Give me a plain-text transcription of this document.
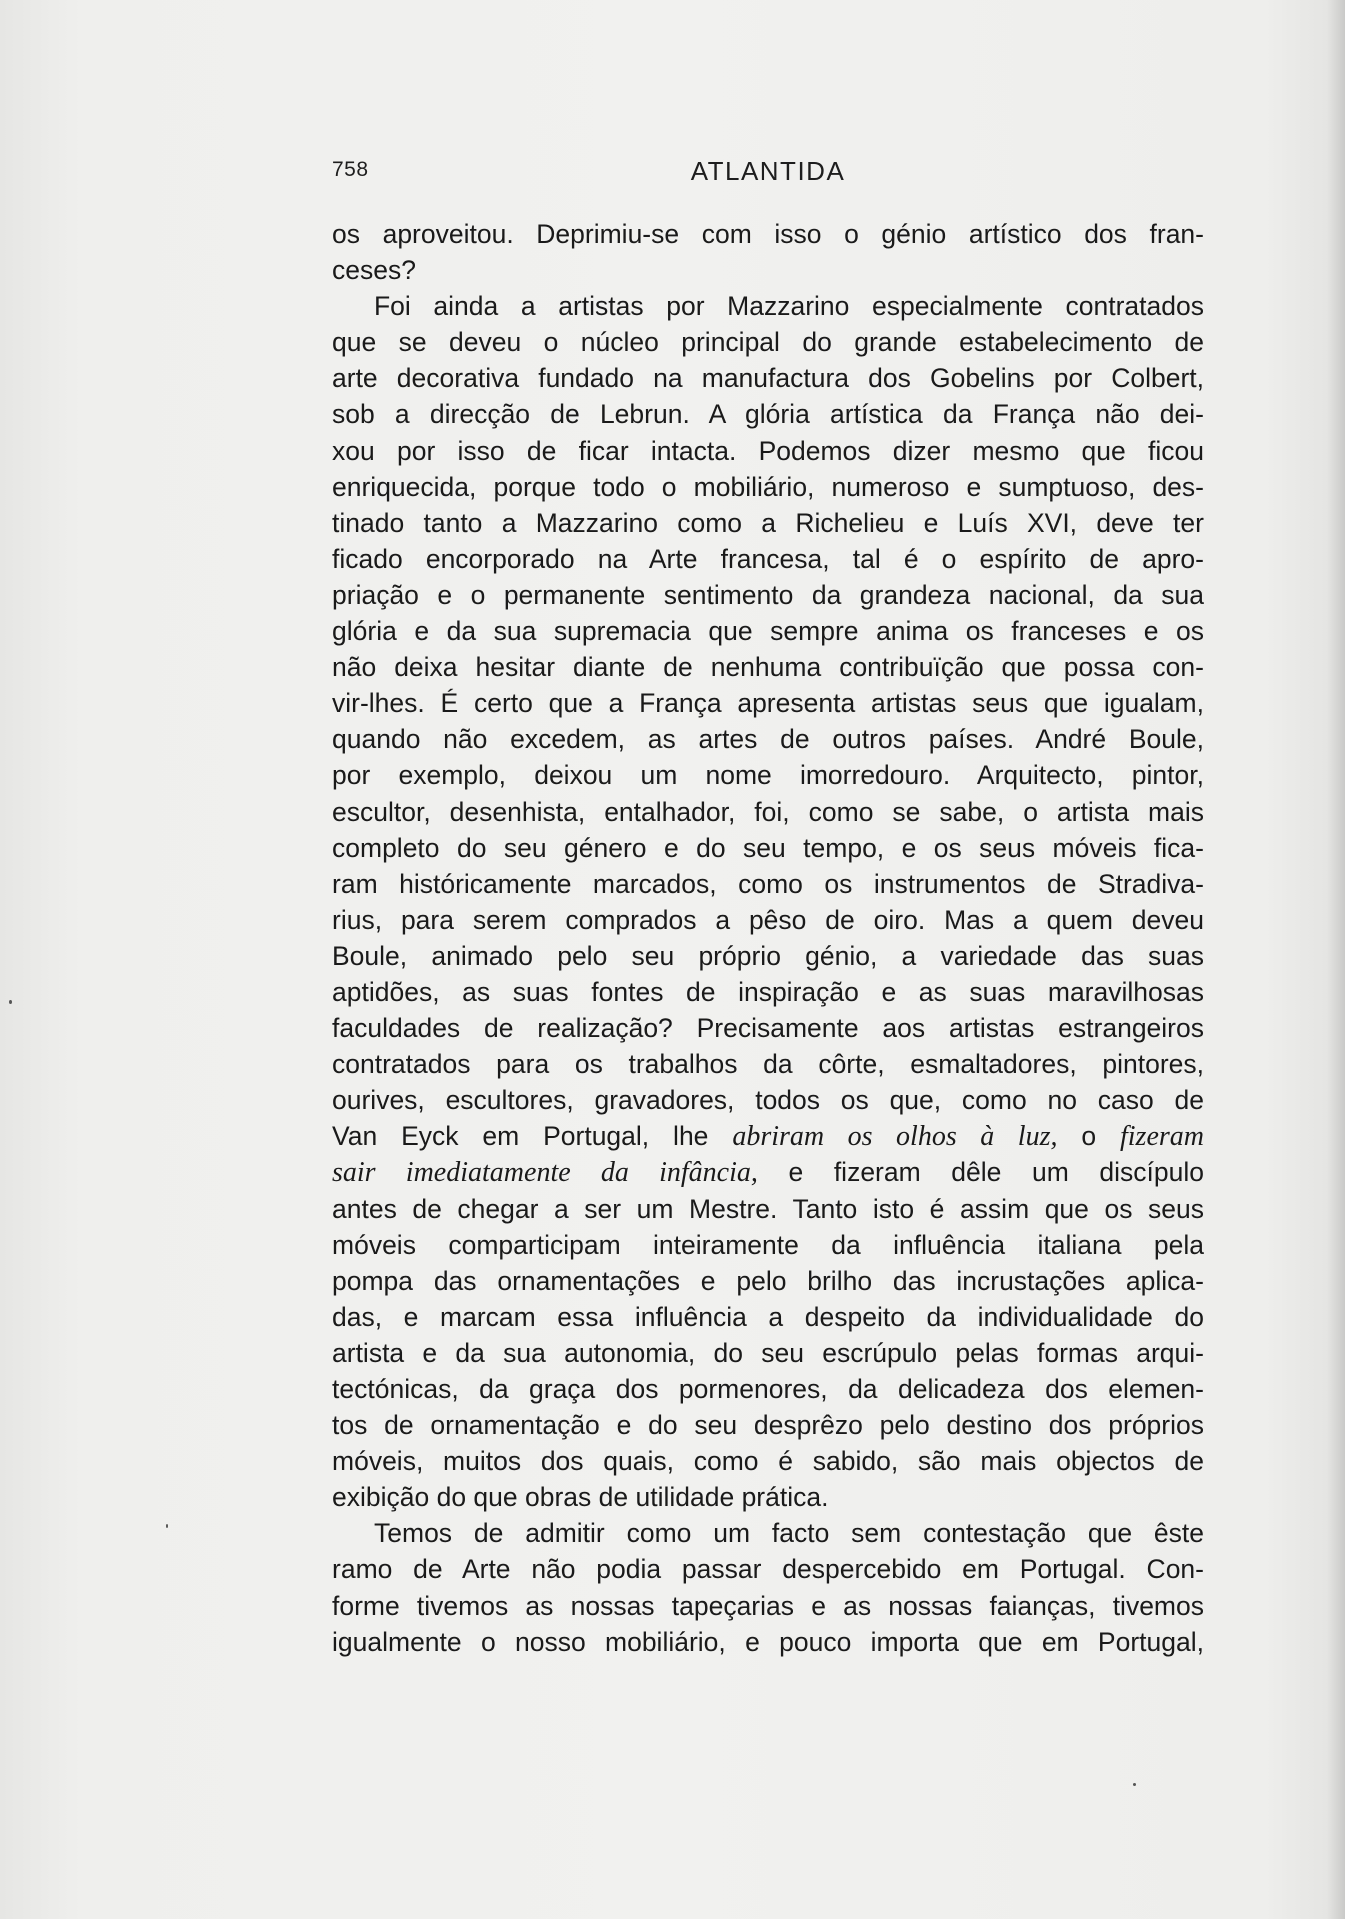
758	ATLANTIDA
os aproveitou. Deprimiu-se com isso o génio artístico dos fran-
ceses?
Foi ainda a artistas por Mazzarino especialmente contratados
que se deveu o núcleo principal do grande estabelecimento de
arte decorativa fundado na manufactura dos Gobelins por Colbert,
sob a direcção de Lebrun. A glória artística da França não dei-
xou por isso de ficar intacta. Podemos dizer mesmo que ficou
enriquecida, porque todo o mobiliário, numeroso e sumptuoso, des-
tinado tanto a Mazzarino como a Richelieu e Luís XVI, deve ter
ficado encorporado na Arte francesa, tal é o espírito de apro-
priação e o permanente sentimento da grandeza nacional, da sua
glória e da sua supremacia que sempre anima os franceses e os
não deixa hesitar diante de nenhuma contribuïção que possa con-
vir-lhes. É certo que a França apresenta artistas seus que igualam,
quando não excedem, as artes de outros países. André Boule,
por exemplo, deixou um nome imorredouro. Arquitecto, pintor,
escultor, desenhista, entalhador, foi, como se sabe, o artista mais
completo do seu género e do seu tempo, e os seus móveis fica-
ram históricamente marcados, como os instrumentos de Stradiva-
rius, para serem comprados a pêso de oiro. Mas a quem deveu
Boule, animado pelo seu próprio génio, a variedade das suas
aptidões, as suas fontes de inspiração e as suas maravilhosas
faculdades de realização? Precisamente aos artistas estrangeiros
contratados para os trabalhos da côrte, esmaltadores, pintores,
ourives, escultores, gravadores, todos os que, como no caso de
Van Eyck em Portugal, lhe abriram os olhos à luz, o fizeram
sair imediatamente da infância, e fizeram dêle um discípulo
antes de chegar a ser um Mestre. Tanto isto é assim que os seus
móveis comparticipam inteiramente da influência italiana pela
pompa das ornamentações e pelo brilho das incrustações aplica-
das, e marcam essa influência a despeito da individualidade do
artista e da sua autonomia, do seu escrúpulo pelas formas arqui-
tectónicas, da graça dos pormenores, da delicadeza dos elemen-
tos de ornamentação e do seu desprêzo pelo destino dos próprios
móveis, muitos dos quais, como é sabido, são mais objectos de
exibição do que obras de utilidade prática.
Temos de admitir como um facto sem contestação que êste
ramo de Arte não podia passar despercebido em Portugal. Con-
forme tivemos as nossas tapeçarias e as nossas faianças, tivemos
igualmente o nosso mobiliário, e pouco importa que em Portugal,
